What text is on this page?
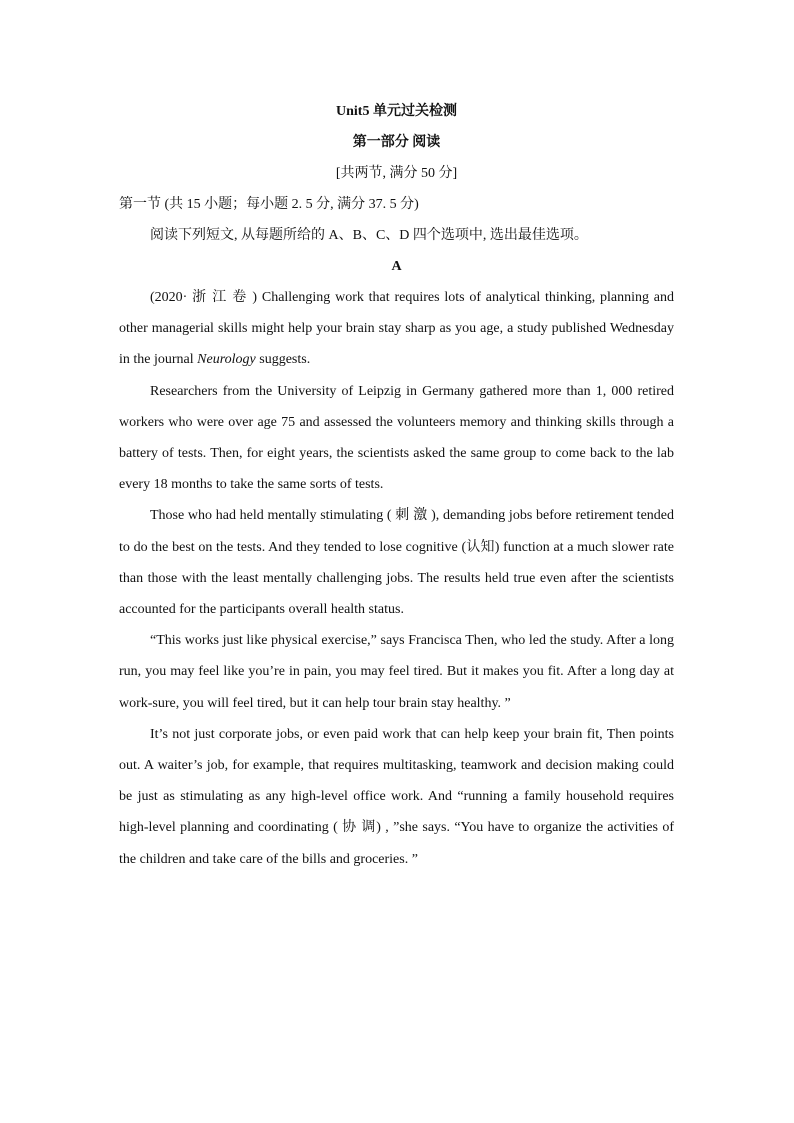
Unit5 单元过关检测
第一部分 阅读
[共两节, 满分 50 分]
第一节 (共 15 小题；每小题 2. 5 分, 满分 37. 5 分)
阅读下列短文, 从每题所给的 A、B、C、D 四个选项中, 选出最佳选项。
A

(2020· 浙 江 卷 ) Challenging work that requires lots of analytical thinking, planning and other managerial skills might help your brain stay sharp as you age, a study published Wednesday in the journal Neurology suggests.

Researchers from the University of Leipzig in Germany gathered more than 1, 000 retired workers who were over age 75 and assessed the volunteers memory and thinking skills through a battery of tests. Then, for eight years, the scientists asked the same group to come back to the lab every 18 months to take the same sorts of tests.

Those who had held mentally stimulating ( 刺 激 ), demanding jobs before retirement tended to do the best on the tests. And they tended to lose cognitive (认知) function at a much slower rate than those with the least mentally challenging jobs. The results held true even after the scientists accounted for the participants overall health status.

“This works just like physical exercise,” says Francisca Then, who led the study. After a long run, you may feel like you’re in pain, you may feel tired. But it makes you fit. After a long day at work-sure, you will feel tired, but it can help tour brain stay healthy. ”

It’s not just corporate jobs, or even paid work that can help keep your brain fit, Then points out. A waiter’s job, for example, that requires multitasking, teamwork and decision making could be just as stimulating as any high-level office work. And “running a family household requires high-level planning and coordinating ( 协 调) , ”she says. “You have to organize the activities of the children and take care of the bills and groceries. ”
